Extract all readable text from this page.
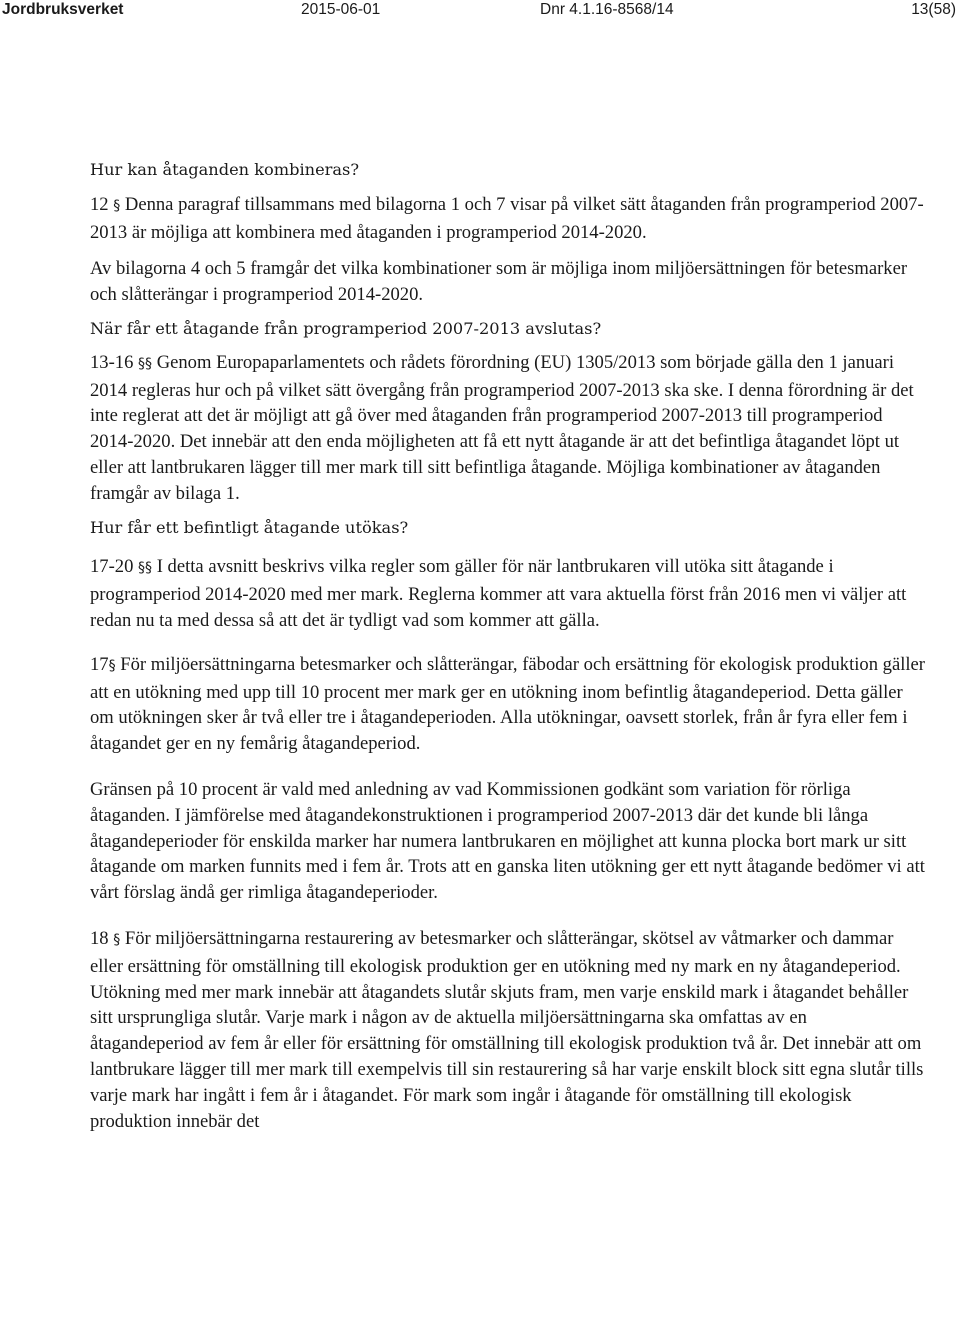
Jordbruksverket	2015-06-01	Dnr 4.1.16-8568/14	13(58)

Hur kan åtaganden kombineras?

12 § Denna paragraf tillsammans med bilagorna 1 och 7 visar på vilket sätt åtaganden från programperiod 2007-2013 är möjliga att kombinera med åtaganden i programperiod 2014-2020.

Av bilagorna 4 och 5 framgår det vilka kombinationer som är möjliga inom miljöersättningen för betesmarker och slåtterängar i programperiod 2014-2020.

När får ett åtagande från programperiod 2007-2013 avslutas?

13-16 §§ Genom Europaparlamentets och rådets förordning (EU) 1305/2013 som började gälla den 1 januari 2014 regleras hur och på vilket sätt övergång från programperiod 2007-2013 ska ske. I denna förordning är det inte reglerat att det är möjligt att gå över med åtaganden från programperiod 2007-2013 till programperiod 2014-2020. Det innebär att den enda möjligheten att få ett nytt åtagande är att det befintliga åtagandet löpt ut eller att lantbrukaren lägger till mer mark till sitt befintliga åtagande. Möjliga kombinationer av åtaganden framgår av bilaga 1.

Hur får ett befintligt åtagande utökas?

17-20 §§ I detta avsnitt beskrivs vilka regler som gäller för när lantbrukaren vill utöka sitt åtagande i programperiod 2014-2020 med mer mark. Reglerna kommer att vara aktuella först från 2016 men vi väljer att redan nu ta med dessa så att det är tydligt vad som kommer att gälla.

17§ För miljöersättningarna betesmarker och slåtterängar, fäbodar och ersättning för ekologisk produktion gäller att en utökning med upp till 10 procent mer mark ger en utökning inom befintlig åtagandeperiod. Detta gäller om utökningen sker år två eller tre i åtagandeperioden. Alla utökningar, oavsett storlek, från år fyra eller fem i åtagandet ger en ny femårig åtagandeperiod.

Gränsen på 10 procent är vald med anledning av vad Kommissionen godkänt som variation för rörliga åtaganden. I jämförelse med åtagandekonstruktionen i programperiod 2007-2013 där det kunde bli långa åtagandeperioder för enskilda marker har numera lantbrukaren en möjlighet att kunna plocka bort mark ur sitt åtagande om marken funnits med i fem år. Trots att en ganska liten utökning ger ett nytt åtagande bedömer vi att vårt förslag ändå ger rimliga åtagandeperioder.

18 § För miljöersättningarna restaurering av betesmarker och slåtterängar, skötsel av våtmarker och dammar eller ersättning för omställning till ekologisk produktion ger en utökning med ny mark en ny åtagandeperiod. Utökning med mer mark innebär att åtagandets slutår skjuts fram, men varje enskild mark i åtagandet behåller sitt ursprungliga slutår. Varje mark i någon av de aktuella miljöersättningarna ska omfattas av en åtagandeperiod av fem år eller för ersättning för omställning till ekologisk produktion två år. Det innebär att om lantbrukare lägger till mer mark till exempelvis till sin restaurering så har varje enskilt block sitt egna slutår tills varje mark har ingått i fem år i åtagandet. För mark som ingår i åtagande för omställning till ekologisk produktion innebär det
